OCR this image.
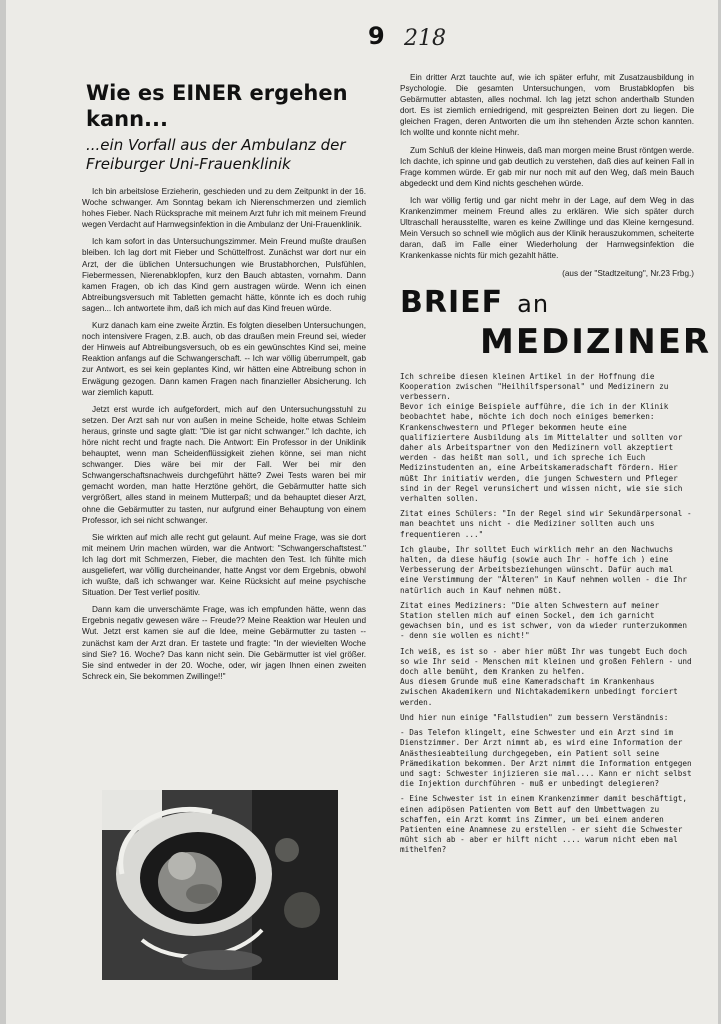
9 218
Wie es EINER ergehen kann...
...ein Vorfall aus der Ambulanz der Freiburger Uni-Frauenklinik

Ich bin arbeitslose Erzieherin, geschieden und zu dem Zeitpunkt in der 16. Woche schwanger. Am Sonntag bekam ich Nierenschmerzen und ziemlich hohes Fieber. Nach Rücksprache mit meinem Arzt fuhr ich mit meinem Freund wegen Verdacht auf Harnwegsinfektion in die Ambulanz der Uni-Frauenklinik.

Ich kam sofort in das Untersuchungszimmer. Mein Freund mußte draußen bleiben. Ich lag dort mit Fieber und Schüttelfrost. Zunächst war dort nur ein Arzt, der die üblichen Untersuchungen wie Brustabhorchen, Pulsfühlen, Fiebermessen, Nierenabklopfen, kurz den Bauch abtasten, vornahm. Dann kamen Fragen, ob ich das Kind gern austragen würde. Wenn ich einen Abtreibungsversuch mit Tabletten gemacht hätte, könnte ich es doch ruhig sagen... Ich antwortete ihm, daß ich mich auf das Kind freuen würde.

Kurz danach kam eine zweite Ärztin. Es folgten dieselben Untersuchungen, noch intensivere Fragen, z.B. auch, ob das draußen mein Freund sei, wieder der Hinweis auf Abtreibungsversuch, ob es ein gewünschtes Kind sei, meine Reaktion anfangs auf die Schwangerschaft. -- Ich war völlig überrumpelt, gab zur Antwort, es sei kein geplantes Kind, wir hätten eine Abtreibung schon in Erwägung gezogen. Dann kamen Fragen nach finanzieller Absicherung. Ich war ziemlich kaputt.

Jetzt erst wurde ich aufgefordert, mich auf den Untersuchungsstuhl zu setzen. Der Arzt sah nur von außen in meine Scheide, holte etwas Schleim heraus, grinste und sagte glatt: "Die ist gar nicht schwanger." Ich dachte, ich höre nicht recht und fragte nach. Die Antwort: Ein Professor in der Uniklinik behauptet, wenn man Scheidenflüssigkeit ziehen könne, sei man nicht schwanger. Dies wäre bei mir der Fall. Wer bei mir den Schwangerschaftsnachweis durchgeführt hätte? Zwei Tests waren bei mir gemacht worden, man hatte Herztöne gehört, die Gebärmutter hatte sich vergrößert, alles stand in meinem Mutterpaß; und da behauptet dieser Arzt, ohne die Gebärmutter zu tasten, nur aufgrund einer Behauptung von einem Professor, ich sei nicht schwanger.

Sie wirkten auf mich alle recht gut gelaunt. Auf meine Frage, was sie dort mit meinem Urin machen würden, war die Antwort: "Schwangerschaftstest." Ich lag dort mit Schmerzen, Fieber, die machten den Test. Ich fühlte mich ausgeliefert, war völlig durcheinander, hatte Angst vor dem Ergebnis, obwohl ich wußte, daß ich schwanger war. Keine Rücksicht auf meine psychische Situation. Der Test verlief positiv.

Dann kam die unverschämte Frage, was ich empfunden hätte, wenn das Ergebnis negativ gewesen wäre -- Freude?? Meine Reaktion war Heulen und Wut. Jetzt erst kamen sie auf die Idee, meine Gebärmutter zu tasten -- zunächst kam der Arzt dran. Er tastete und fragte: "In der wievielten Woche sind Sie? 16. Woche? Das kann nicht sein. Die Gebärmutter ist viel größer. Sie sind entweder in der 20. Woche, oder, wir jagen Ihnen einen zweiten Schreck ein, Sie bekommen Zwillinge!!"

Ein dritter Arzt tauchte auf, wie ich später erfuhr, mit Zusatzausbildung in Psychologie. Die gesamten Untersuchungen, vom Brustabklopfen bis Gebärmutter abtasten, alles nochmal. Ich lag jetzt schon anderthalb Stunden dort. Es ist ziemlich erniedrigend, mit gespreizten Beinen dort zu liegen. Die gleichen Fragen, deren Antworten die um ihn stehenden Ärzte schon kannten. Ich wollte und konnte nicht mehr.

Zum Schluß der kleine Hinweis, daß man morgen meine Brust röntgen werde. Ich dachte, ich spinne und gab deutlich zu verstehen, daß dies auf keinen Fall in Frage kommen würde. Er gab mir nur noch mit auf den Weg, daß mein Bauch abgedeckt und dem Kind nichts geschehen würde.

Ich war völlig fertig und gar nicht mehr in der Lage, auf dem Weg in das Krankenzimmer meinem Freund alles zu erklären. Wie sich später durch Ultraschall herausstellte, waren es keine Zwillinge und das Kleine kerngesund. Mein Versuch so schnell wie möglich aus der Klinik herauszukommen, scheiterte daran, daß im Falle einer Wiederholung der Harnwegsinfektion die Krankenkasse nichts für mich gezahlt hätte.

(aus der "Stadtzeitung", Nr.23 Frbg.)

BRIEF an
MEDIZINER

Ich schreibe diesen kleinen Artikel in der Hoffnung die Kooperation zwischen "Heilhilfspersonal" und Medizinern zu verbessern.
Bevor ich einige Beispiele aufführe, die ich in der Klinik beobachtet habe, möchte ich doch noch einiges bemerken: Krankenschwestern und Pfleger bekommen heute eine qualifiziertere Ausbildung als im Mittelalter und sollten vor daher als Arbeitspartner von den Medizinern voll akzeptiert werden - das heißt man soll, und ich spreche ich Euch Medizinstudenten an, eine Arbeitskameradschaft fördern. Hier müßt Ihr initiativ werden, die jungen Schwestern und Pfleger sind in der Regel verunsichert und wissen nicht, wie sie sich verhalten sollen.

Zitat eines Schülers: "In der Regel sind wir Sekundärpersonal - man beachtet uns nicht - die Mediziner sollten auch uns frequentieren ..."

Ich glaube, Ihr solltet Euch wirklich mehr an den Nachwuchs halten, da diese häufig (sowie auch Ihr - hoffe ich ) eine Verbesserung der Arbeitsbeziehungen wünscht. Dafür auch mal eine Verstimmung der "Älteren" in Kauf nehmen wollen - die Ihr natürlich auch in Kauf nehmen müßt.

Zitat eines Mediziners: "Die alten Schwestern auf meiner Station stellen mich auf einen Sockel, dem ich garnicht gewachsen bin, und es ist schwer, von da wieder runterzukommen - denn sie wollen es nicht!"

Ich weiß, es ist so - aber hier müßt Ihr was tungebt Euch doch so wie Ihr seid - Menschen mit kleinen und großen Fehlern - und doch alle bemüht, dem Kranken zu helfen.
Aus diesem Grunde muß eine Kameradschaft im Krankenhaus zwischen Akademikern und Nichtakademikern unbedingt forciert werden.

Und hier nun einige "Fallstudien" zum bessern Verständnis:

- Das Telefon klingelt, eine Schwester und ein Arzt sind im Dienstzimmer. Der Arzt nimmt ab, es wird eine Information der Anästhesieabteilung durchgegeben, ein Patient soll seine Prämedikation bekommen. Der Arzt nimmt die Information entgegen und sagt: Schwester injizieren sie mal.... Kann er nicht selbst die Injektion durchführen - muß er unbedingt delegieren?

- Eine Schwester ist in einem Krankenzimmer damit beschäftigt, einen adipösen Patienten vom Bett auf den Umbettwagen zu schaffen, ein Arzt kommt ins Zimmer, um bei einem anderen Patienten eine Anamnese zu erstellen - er sieht die Schwester müht sich ab - aber er hilft nicht .... warum nicht eben mal mithelfen?
